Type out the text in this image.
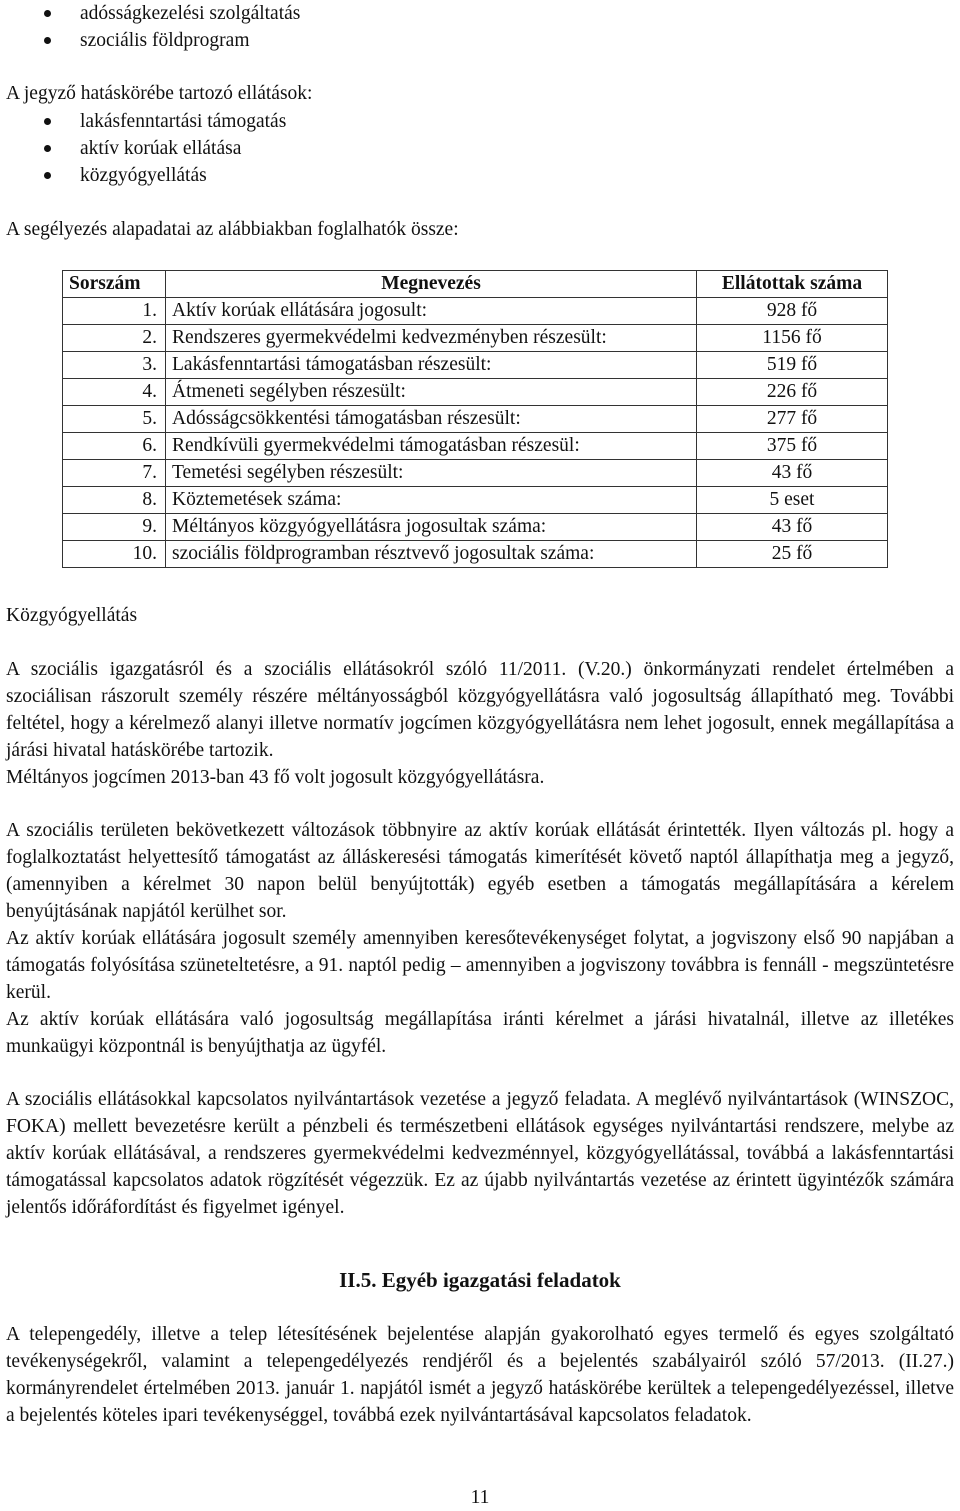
adósságkezelési szolgáltatás
szociális földprogram
A jegyző hatáskörébe tartozó ellátások:
lakásfenntartási támogatás
aktív korúak ellátása
közgyógyellátás
A segélyezés alapadatai az alábbiakban foglalhatók össze:
Sorszám	Megnevezés	Ellátottak száma
1.	Aktív korúak ellátására jogosult:	928 fő
2.	Rendszeres gyermekvédelmi kedvezményben részesült:	1156 fő
3.	Lakásfenntartási támogatásban részesült:	519 fő
4.	Átmeneti segélyben részesült:	226 fő
5.	Adósságcsökkentési támogatásban részesült:	277 fő
6.	Rendkívüli gyermekvédelmi támogatásban részesül:	375 fő
7.	Temetési segélyben részesült:	43 fő
8.	Köztemetések száma:	5 eset
9.	Méltányos közgyógyellátásra jogosultak száma:	43 fő
10.	szociális földprogramban résztvevő jogosultak száma:	25 fő
Közgyógyellátás

A szociális igazgatásról és a szociális ellátásokról szóló 11/2011. (V.20.) önkormányzati rendelet értelmében a szociálisan rászorult személy részére méltányosságból közgyógyellátásra való jogosultság állapítható meg. További feltétel, hogy a kérelmező alanyi illetve normatív jogcímen közgyógyellátásra nem lehet jogosult, ennek megállapítása a járási hivatal hatáskörébe tartozik.

Méltányos jogcímen 2013-ban 43 fő volt jogosult közgyógyellátásra.

A szociális területen bekövetkezett változások többnyire az aktív korúak ellátását érintették. Ilyen változás pl. hogy a foglalkoztatást helyettesítő támogatást az álláskeresési támogatás kimerítését követő naptól állapíthatja meg a jegyző, (amennyiben a kérelmet 30 napon belül benyújtották) egyéb esetben a támogatás megállapítására a kérelem benyújtásának napjától kerülhet sor.

Az aktív korúak ellátására jogosult személy amennyiben keresőtevékenységet folytat, a jogviszony első 90 napjában a támogatás folyósítása szüneteltetésre, a 91. naptól pedig – amennyiben a jogviszony továbbra is fennáll - megszüntetésre kerül.

Az aktív korúak ellátására való jogosultság megállapítása iránti kérelmet a járási hivatalnál, illetve az illetékes munkaügyi központnál is benyújthatja az ügyfél.

A szociális ellátásokkal kapcsolatos nyilvántartások vezetése a jegyző feladata. A meglévő nyilvántartások (WINSZOC, FOKA) mellett bevezetésre került a pénzbeli és természetbeni ellátások egységes nyilvántartási rendszere, melybe az aktív korúak ellátásával, a rendszeres gyermekvédelmi kedvezménnyel, közgyógyellátással, továbbá a lakásfenntartási támogatással kapcsolatos adatok rögzítését végezzük. Ez az újabb nyilvántartás vezetése az érintett ügyintézők számára jelentős időráfordítást és figyelmet igényel.

II.5. Egyéb igazgatási feladatok

A telepengedély, illetve a telep létesítésének bejelentése alapján gyakorolható egyes termelő és egyes szolgáltató tevékenységekről, valamint a telepengedélyezés rendjéről és a bejelentés szabályairól szóló 57/2013. (II.27.) kormányrendelet értelmében 2013. január 1. napjától ismét a jegyző hatáskörébe kerültek a telepengedélyezéssel, illetve a bejelentés köteles ipari tevékenységgel, továbbá ezek nyilvántartásával kapcsolatos feladatok.

11
